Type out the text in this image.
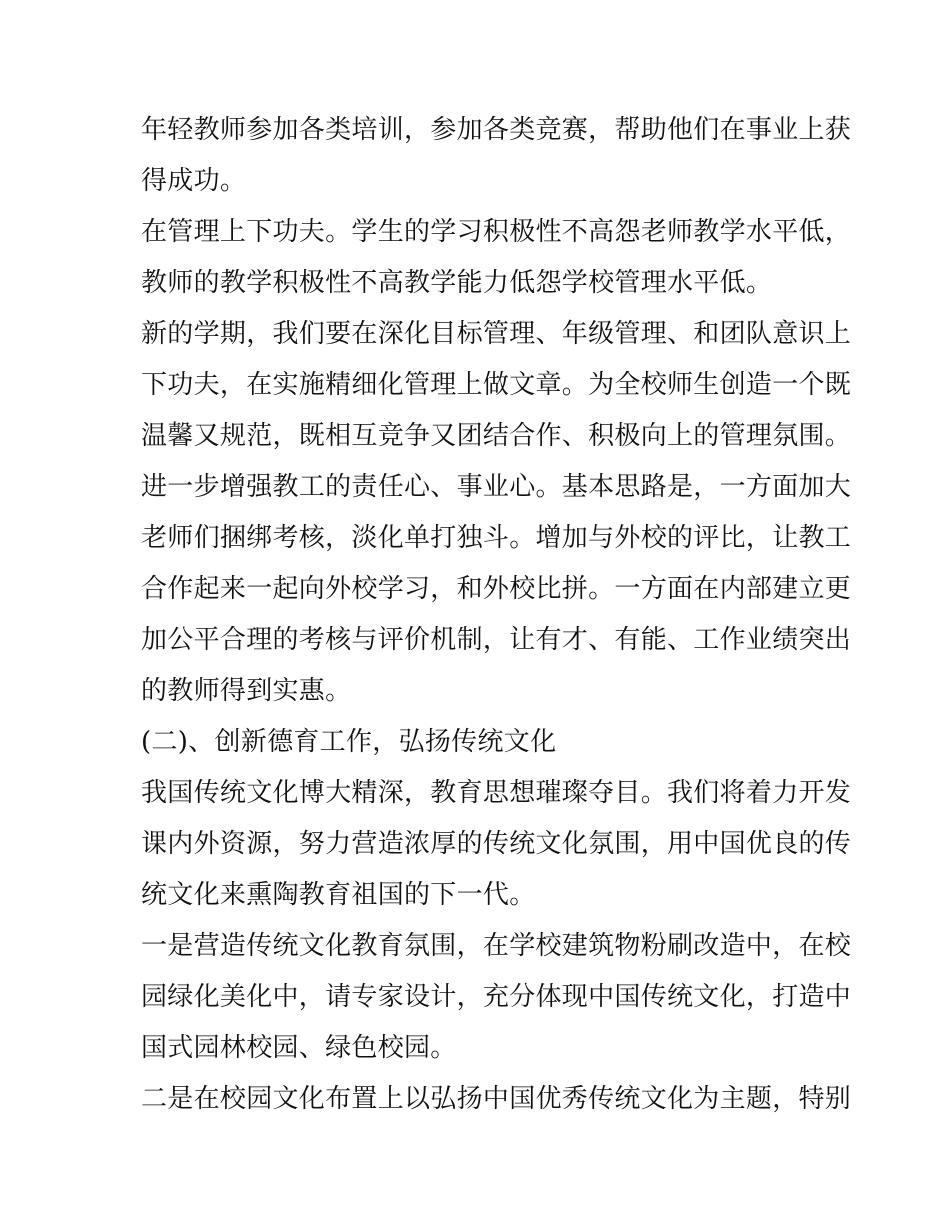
年轻教师参加各类培训，参加各类竞赛，帮助他们在事业上获
得成功。
在管理上下功夫。学生的学习积极性不高怨老师教学水平低，
教师的教学积极性不高教学能力低怨学校管理水平低。
新的学期，我们要在深化目标管理、年级管理、和团队意识上
下功夫，在实施精细化管理上做文章。为全校师生创造一个既
温馨又规范，既相互竞争又团结合作、积极向上的管理氛围。
进一步增强教工的责任心、事业心。基本思路是，一方面加大
老师们捆绑考核，淡化单打独斗。增加与外校的评比，让教工
合作起来一起向外校学习，和外校比拼。一方面在内部建立更
加公平合理的考核与评价机制，让有才、有能、工作业绩突出
的教师得到实惠。
(二)、创新德育工作，弘扬传统文化
我国传统文化博大精深，教育思想璀璨夺目。我们将着力开发
课内外资源，努力营造浓厚的传统文化氛围，用中国优良的传
统文化来熏陶教育祖国的下一代。
一是营造传统文化教育氛围，在学校建筑物粉刷改造中，在校
园绿化美化中，请专家设计，充分体现中国传统文化，打造中
国式园林校园、绿色校园。
二是在校园文化布置上以弘扬中国优秀传统文化为主题，特别
